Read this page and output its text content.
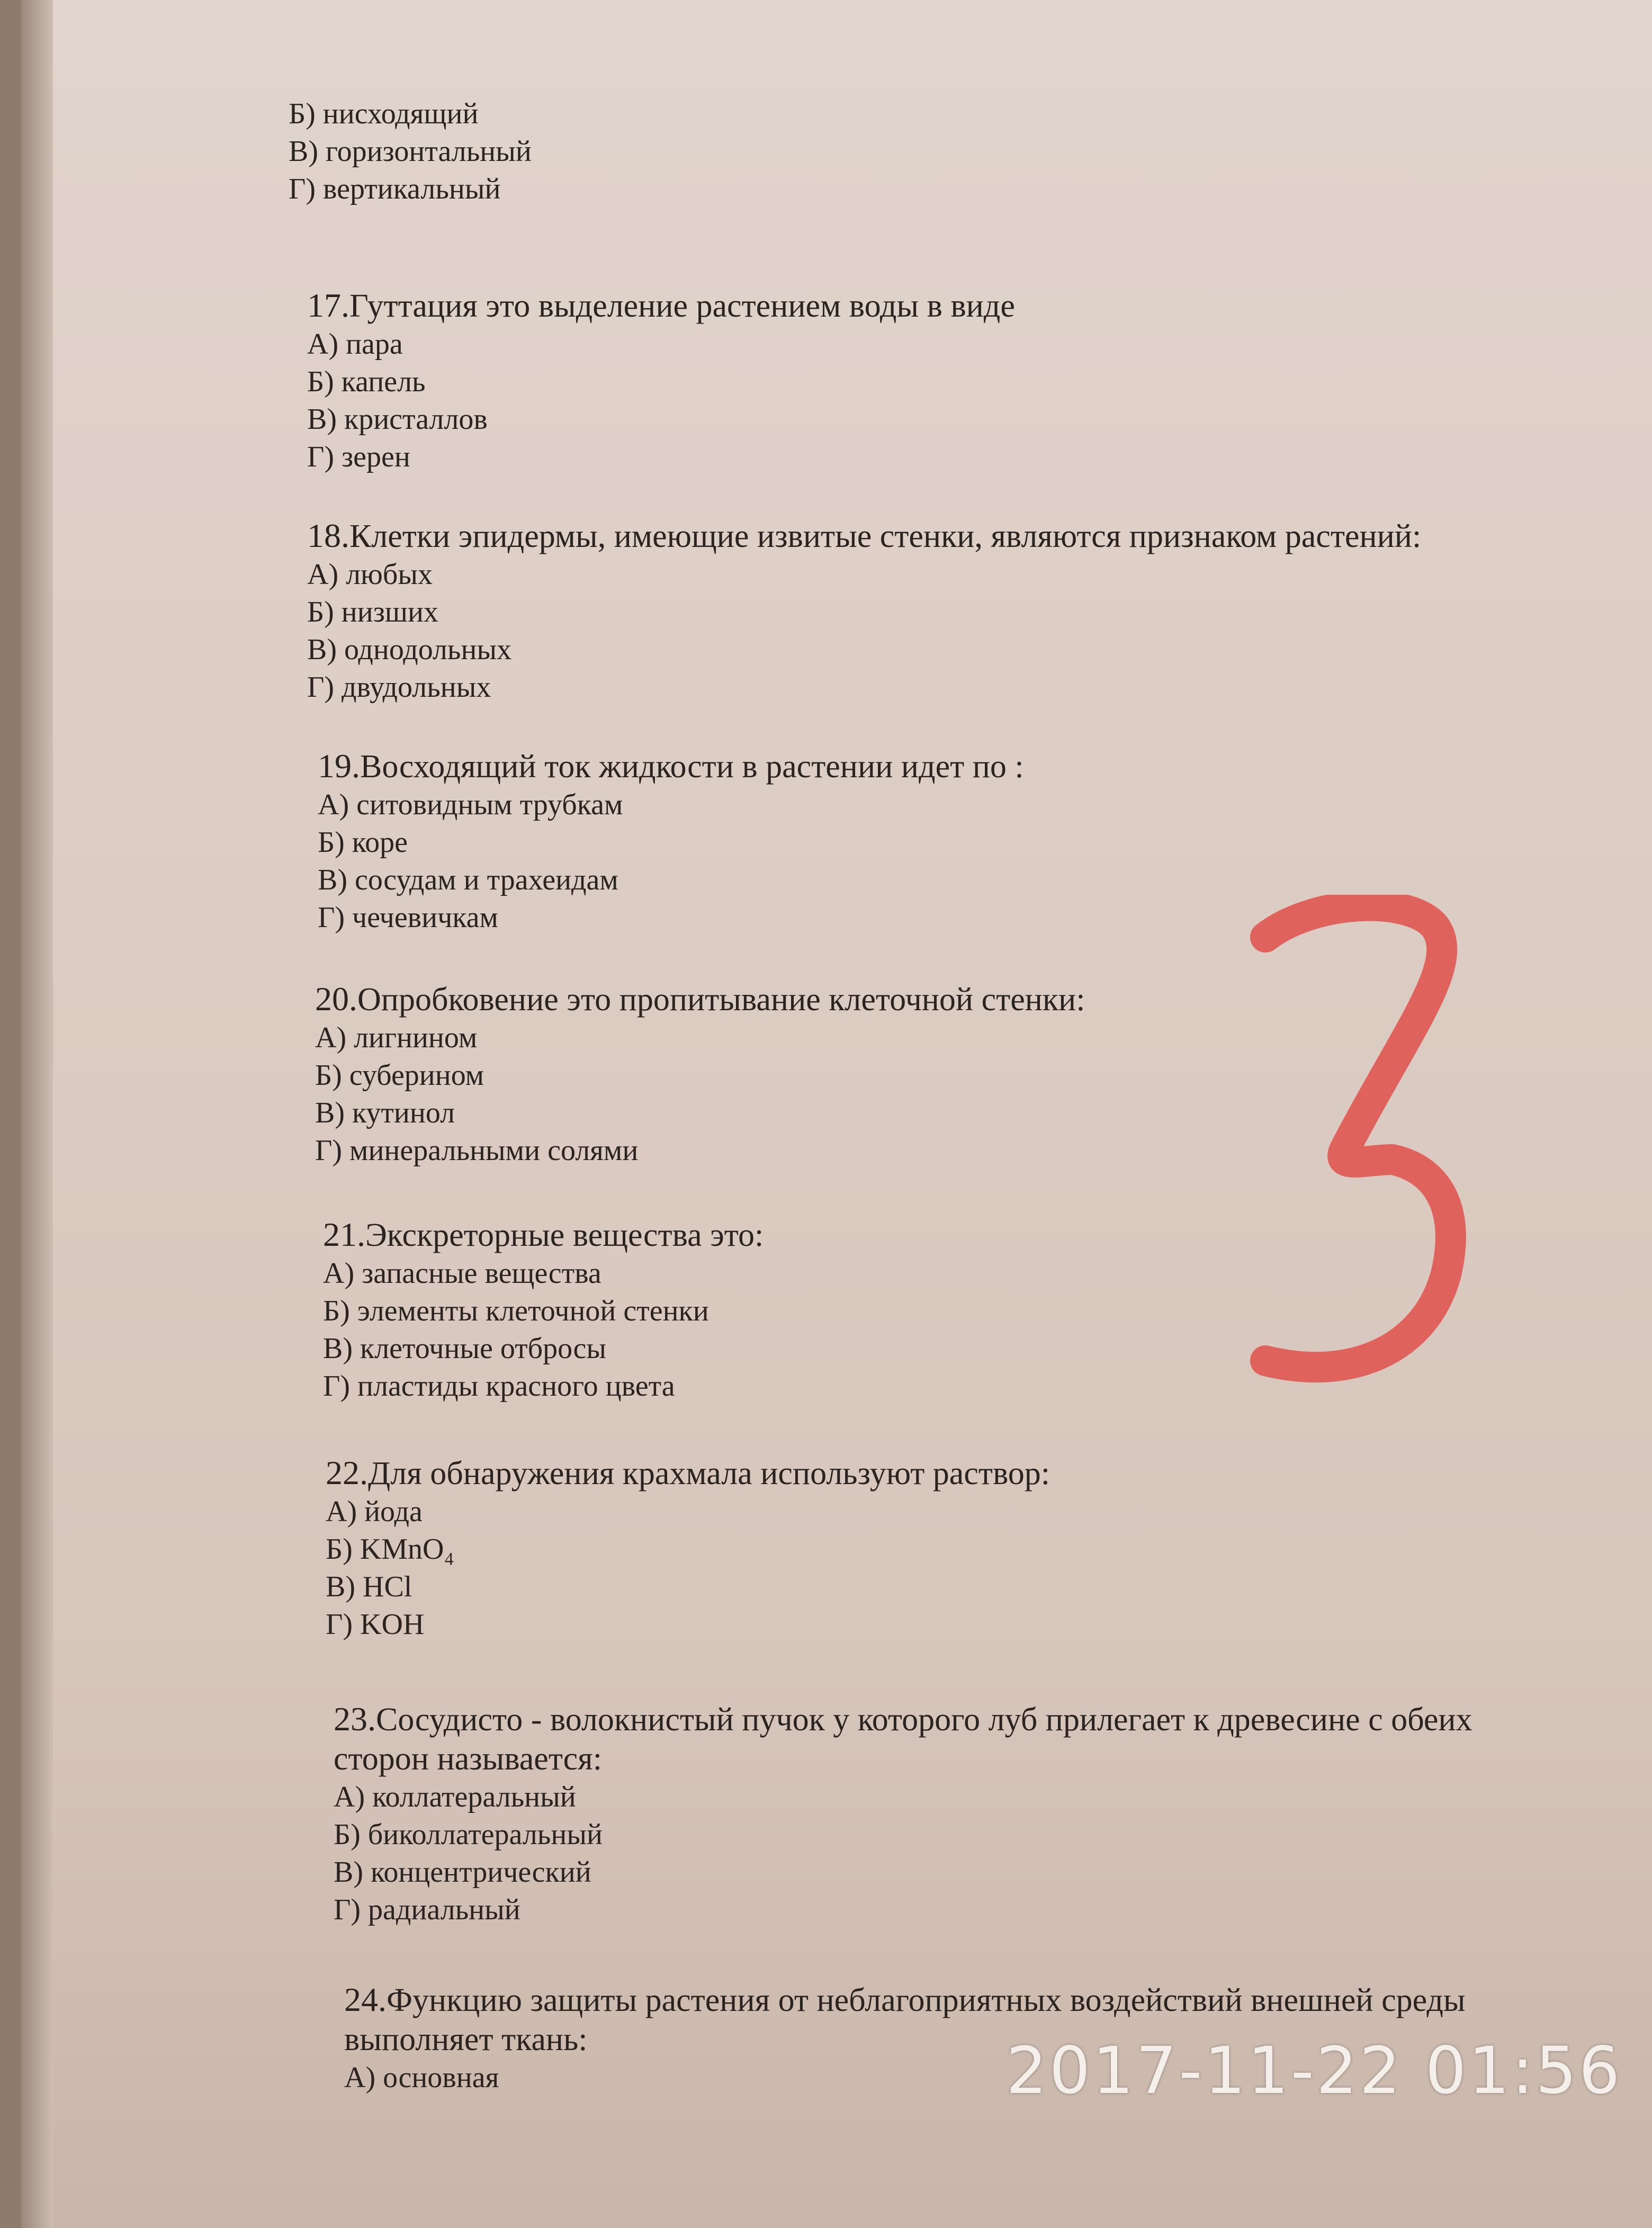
Б) нисходящий

В) горизонтальный

Г) вертикальный

17.Гуттация это выделение растением воды в виде

А) пара

Б) капель

В) кристаллов

Г) зерен

18.Клетки эпидермы, имеющие извитые стенки, являются признаком растений:

А) любых

Б) низших

В) однодольных

Г) двудольных

19.Восходящий ток жидкости в растении идет по :

А) ситовидным трубкам

Б) коре

В) сосудам и трахеидам

Г) чечевичкам

20.Опробковение это пропитывание клеточной стенки:

А) лигнином

Б) суберином

В) кутинол

Г) минеральными солями

21.Экскреторные вещества это:

А) запасные вещества

Б) элементы клеточной стенки

В) клеточные отбросы

Г) пластиды красного цвета

22.Для обнаружения крахмала используют раствор:

А) йода

Б) KMnO₄

В) HCl

Г) KOH

23.Сосудисто - волокнистый пучок у которого луб прилегает к древесине с обеих сторон называется:

А) коллатеральный

Б) биколлатеральный

В) концентрический

Г) радиальный

24.Функцию защиты растения от неблагоприятных воздействий внешней среды выполняет ткань:

А) основная	2017-11-22 01:56
